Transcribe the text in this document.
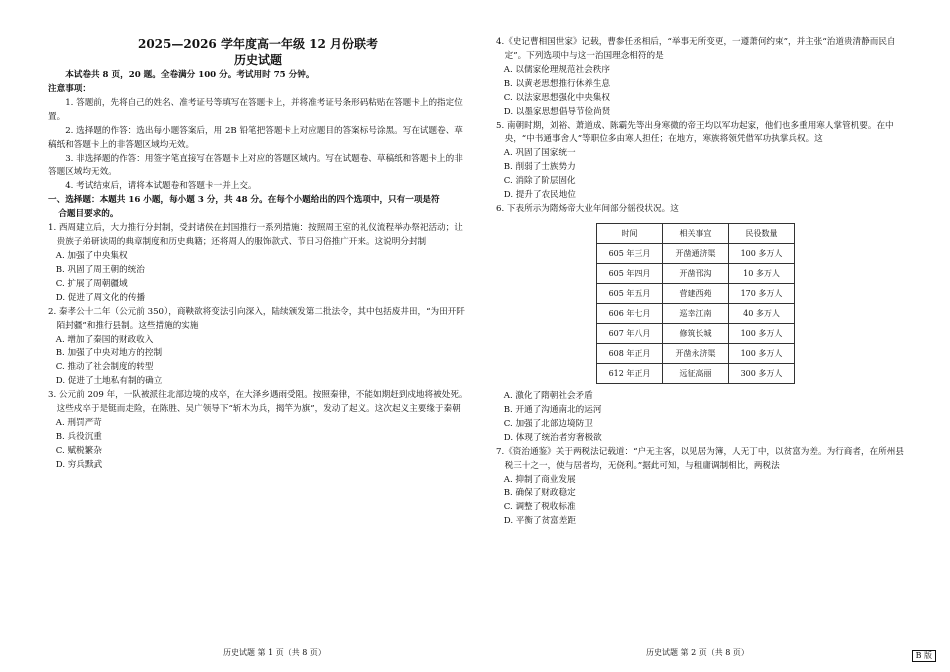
2025—2026 学年度高一年级 12 月份联考
历史试题
本试卷共 8 页，20 题。全卷满分 100 分。考试用时 75 分钟。
注意事项：
1. 答题前，先将自己的姓名、准考证号等填写在答题卡上，并将准考证号条形码粘贴在答题卡上的指定位置。
2. 选择题的作答：选出每小题答案后，用 2B 铅笔把答题卡上对应题目的答案标号涂黑。写在试题卷、草稿纸和答题卡上的非答题区域均无效。
3. 非选择题的作答：用签字笔直接写在答题卡上对应的答题区域内。写在试题卷、草稿纸和答题卡上的非答题区域均无效。
4. 考试结束后，请将本试题卷和答题卡一并上交。
一、选择题：本题共 16 小题，每小题 3 分，共 48 分。在每个小题给出的四个选项中，只有一项是符
合题目要求的。
1. 西周建立后，大力推行分封制，受封诸侯在封国推行一系列措施：按照周王室的礼仪流程举办祭祀活动；让贵族子弟研读周的典章制度和历史典籍；还将周人的服饰款式、节日习俗推广开来。这说明分封制
A. 加强了中央集权
B. 巩固了周王朝的统治
C. 扩展了周朝疆域
D. 促进了周文化的传播
2. 秦孝公十二年（公元前 350），商鞅欲将变法引向深入，陆续颁发第二批法令，其中包括废井田，“为田开阡陌封疆”和推行县制。这些措施的实施
A. 增加了秦国的财政收入
B. 加强了中央对地方的控制
C. 推动了社会制度的转型
D. 促进了土地私有制的确立
3. 公元前 209 年，一队被派往北部边境的戍卒，在大泽乡遇雨受阻。按照秦律，不能如期赶到戍地将被处死。这些戍卒于是铤而走险，在陈胜、吴广领导下“斩木为兵，揭竿为旗”，发动了起义。这次起义主要缘于秦朝
A. 刑罚严苛
B. 兵役沉重
C. 赋税繁杂
D. 穷兵黩武
历史试题 第 1 页（共 8 页）
4.《史记曹相国世家》记载，曹参任丞相后，“举事无所变更，一遵萧何约束”，并主张“治道贵清静而民自定”。下列选项中与这一治国理念相符的是
A. 以儒家伦理规范社会秩序
B. 以黄老思想推行休养生息
C. 以法家思想强化中央集权
D. 以墨家思想倡导节俭尚贤
5. 南朝时期，刘裕、萧道成、陈霸先等出身寒微的帝王均以军功起家，他们也多重用寒人掌管机要。在中央，“中书通事舍人”等职位多由寒人担任；在地方，寒族将领凭借军功执掌兵权。这
A. 巩固了国家统一
B. 削弱了士族势力
C. 消除了阶层固化
D. 提升了农民地位
6. 下表所示为隋炀帝大业年间部分徭役状况。这
时间	相关事宜	民役数量
605 年三月	开凿通济渠	100 多万人
605 年四月	开凿邗沟	10 多万人
605 年五月	营建西苑	170 多万人
606 年七月	巡幸江南	40 多万人
607 年八月	修筑长城	100 多万人
608 年正月	开凿永济渠	100 多万人
612 年正月	远征高丽	300 多万人
A. 激化了隋朝社会矛盾
B. 开通了沟通南北的运河
C. 加强了北部边境防卫
D. 体现了统治者穷奢极欲
7.《资治通鉴》关于两税法记载道：“户无主客，以见居为簿，人无丁中，以贫富为差。为行商者，在所州县税三十之一，使与居者均，无侥利。”据此可知，与租庸调制相比，两税法
A. 抑制了商业发展
B. 确保了财政稳定
C. 调整了税收标准
D. 平衡了贫富差距
历史试题 第 2 页（共 8 页）	B 版
